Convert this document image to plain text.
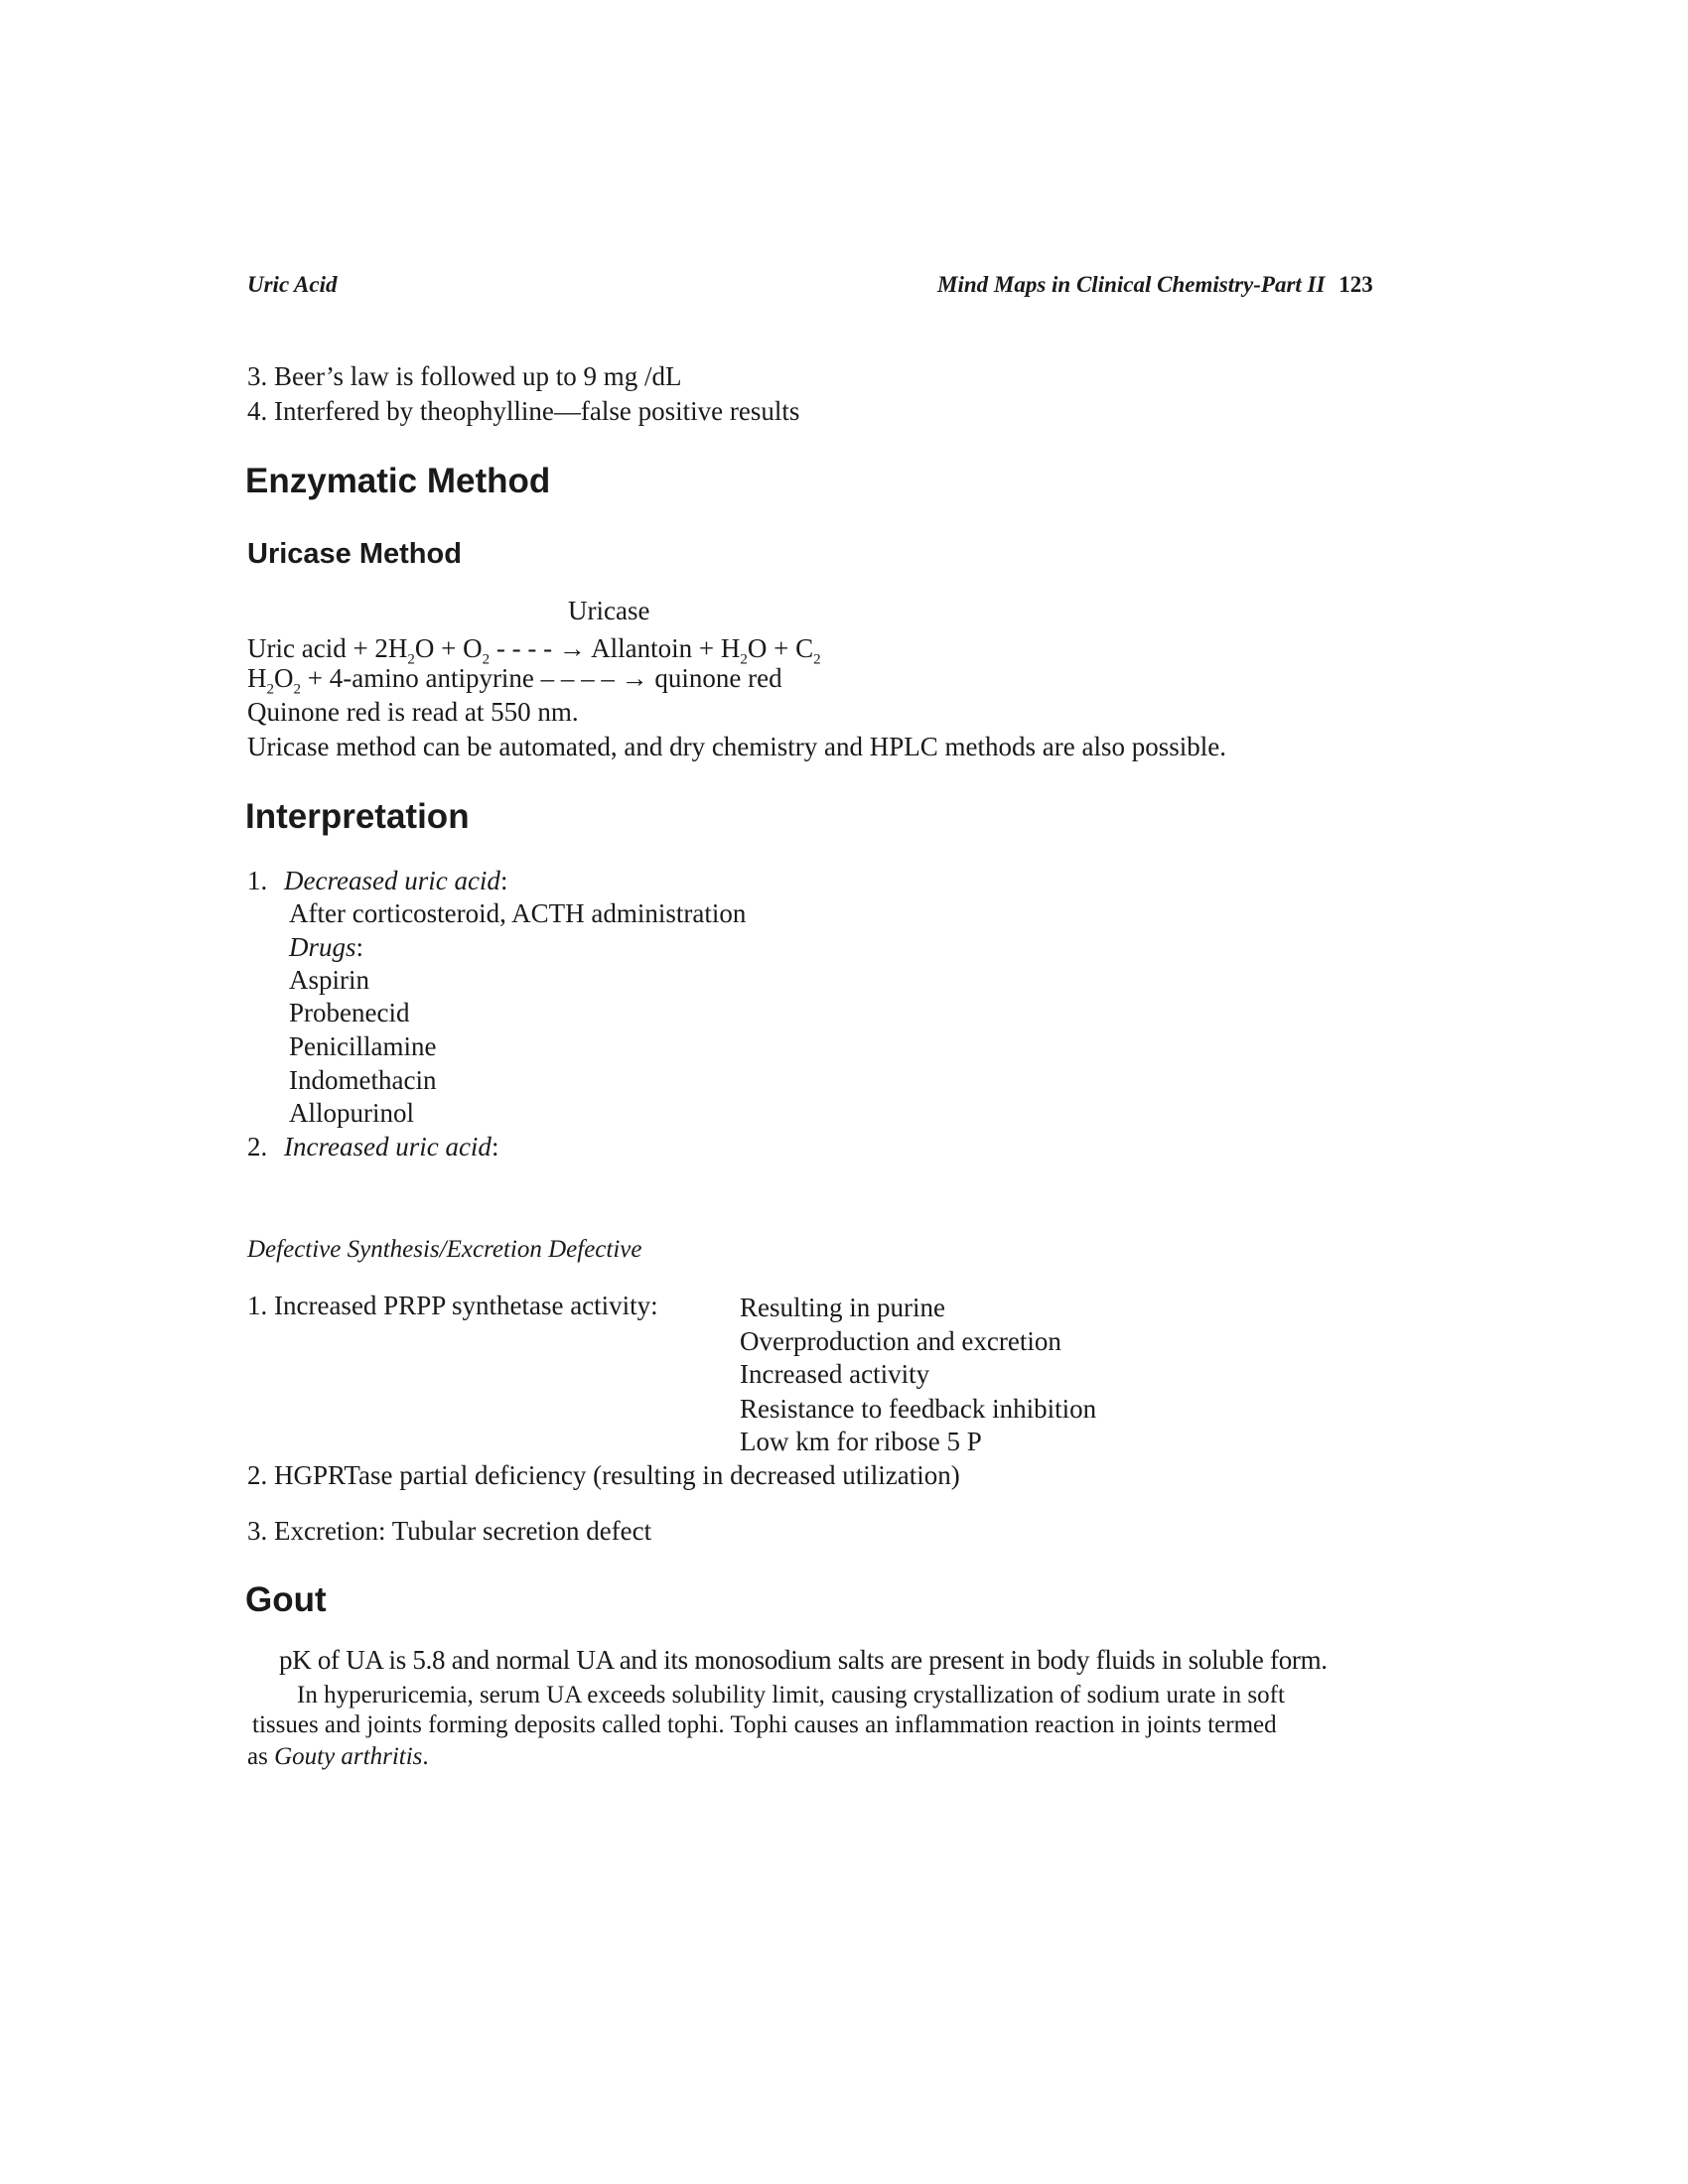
Uric Acid	Mind Maps in Clinical Chemistry-Part II 123
3. Beer’s law is followed up to 9 mg /dL
4. Interfered by theophylline—false positive results
Enzymatic Method
Uricase Method
Uricase
Uric acid + $2H_2O + O_2$ - - - - → Allantoin + $H_2O + C_2$
$H_2O_2 + 4-amino$ antipyrine – – – – → quinone red
Quinone red is read at 550 nm.
Uricase method can be automated, and dry chemistry and HPLC methods are also possible.
Interpretation
1. Decreased uric acid:
After corticosteroid, ACTH administration
Drugs:
Aspirin
Probenecid
Penicillamine
Indomethacin
Allopurinol
2. Increased uric acid:
Defective Synthesis/Excretion Defective
1. Increased PRPP synthetase activity:	Resulting in purine
Overproduction and excretion
Increased activity
Resistance to feedback inhibition
Low km for ribose 5 P
2. HGPRTase partial deficiency (resulting in decreased utilization)
3. Excretion: Tubular secretion defect
Gout
pK of UA is 5.8 and normal UA and its monosodium salts are present in body fluids in soluble form.
In hyperuricemia, serum UA exceeds solubility limit, causing crystallization of sodium urate in soft
tissues and joints forming deposits called tophi. Tophi causes an inflammation reaction in joints termed
as Gouty arthritis.
